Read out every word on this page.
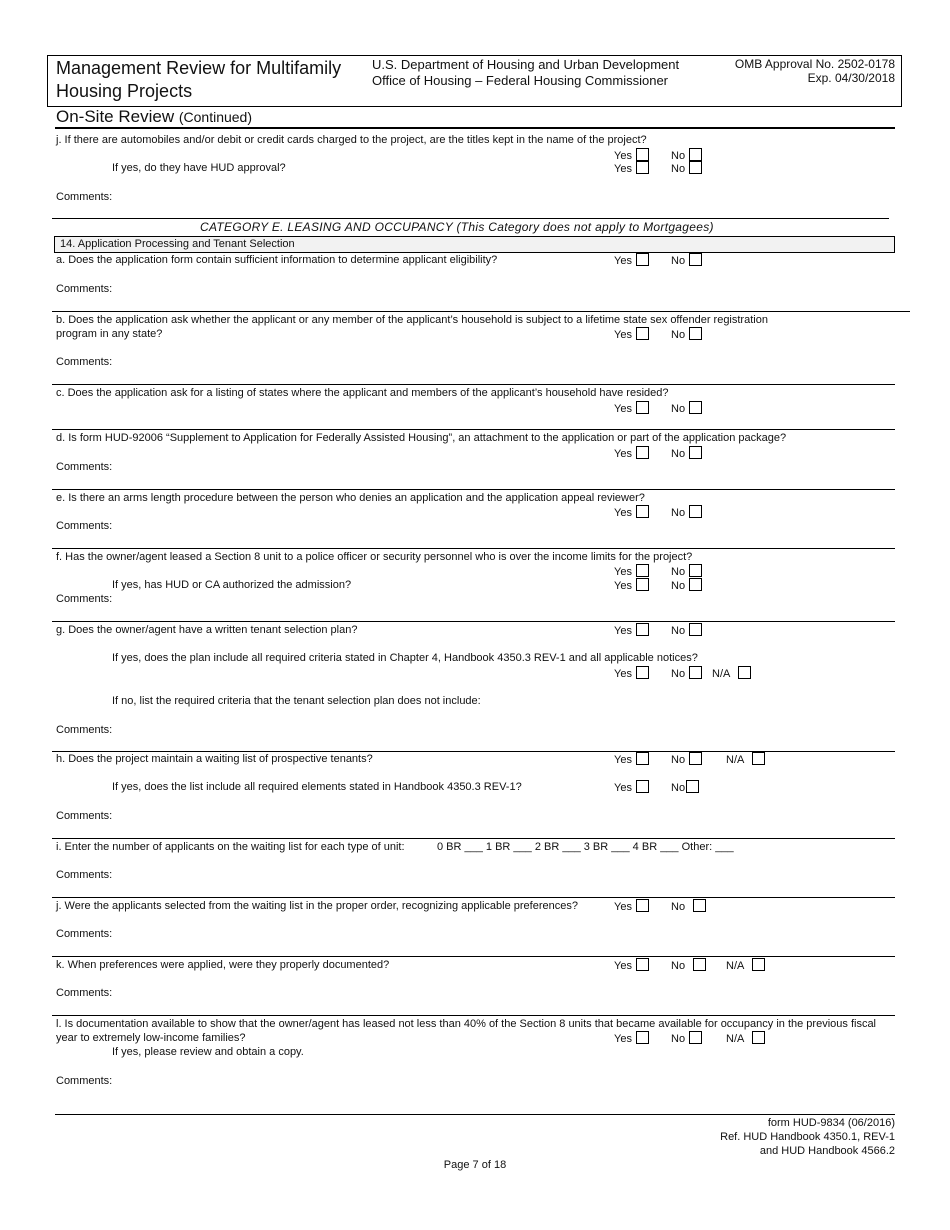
Management Review for Multifamily
Housing Projects
U.S. Department of Housing and Urban Development
Office of Housing – Federal Housing Commissioner
OMB Approval No. 2502-0178
Exp. 04/30/2018
On-Site Review (Continued)
j. If there are automobiles and/or debit or credit cards charged to the project, are the titles kept in the name of the project?
Yes	No
If yes, do they have HUD approval?	Yes	No
Comments:
CATEGORY E. LEASING AND OCCUPANCY (This Category does not apply to Mortgagees)
14. Application Processing and Tenant Selection
a. Does the application form contain sufficient information to determine applicant eligibility?	Yes	No
Comments:
b. Does the application ask whether the applicant or any member of the applicant’s household is subject to a lifetime state sex offender registration
program in any state?	Yes	No
Comments:
c. Does the application ask for a listing of states where the applicant and members of the applicant’s household have resided?
Yes	No
d. Is form HUD-92006 “Supplement to Application for Federally Assisted Housing”, an attachment to the application or part of the application package?
Yes	No
Comments:
e. Is there an arms length procedure between the person who denies an application and the application appeal reviewer?
Yes	No
Comments:
f. Has the owner/agent leased a Section 8 unit to a police officer or security personnel who is over the income limits for the project?
Yes	No
If yes, has HUD or CA authorized the admission?	Yes	No
Comments:
g. Does the owner/agent have a written tenant selection plan?	Yes	No
If yes, does the plan include all required criteria stated in Chapter 4, Handbook 4350.3 REV-1 and all applicable notices?
Yes	No	N/A
If no, list the required criteria that the tenant selection plan does not include:
Comments:
h. Does the project maintain a waiting list of prospective tenants?	Yes	No	N/A
If yes, does the list include all required elements stated in Handbook 4350.3 REV-1?	Yes	No
Comments:
i. Enter the number of applicants on the waiting list for each type of unit:	0 BR ___ 1 BR ___ 2 BR ___ 3 BR ___ 4 BR ___ Other: ___
Comments:
j. Were the applicants selected from the waiting list in the proper order, recognizing applicable preferences?	Yes	No
Comments:
k. When preferences were applied, were they properly documented?	Yes	No	N/A
Comments:
l. Is documentation available to show that the owner/agent has leased not less than 40% of the Section 8 units that became available for occupancy in the previous fiscal
year to extremely low-income families?	Yes	No	N/A
If yes, please review and obtain a copy.
Comments:
form HUD-9834 (06/2016)
Ref. HUD Handbook 4350.1, REV-1
and HUD Handbook 4566.2
Page 7 of 18
